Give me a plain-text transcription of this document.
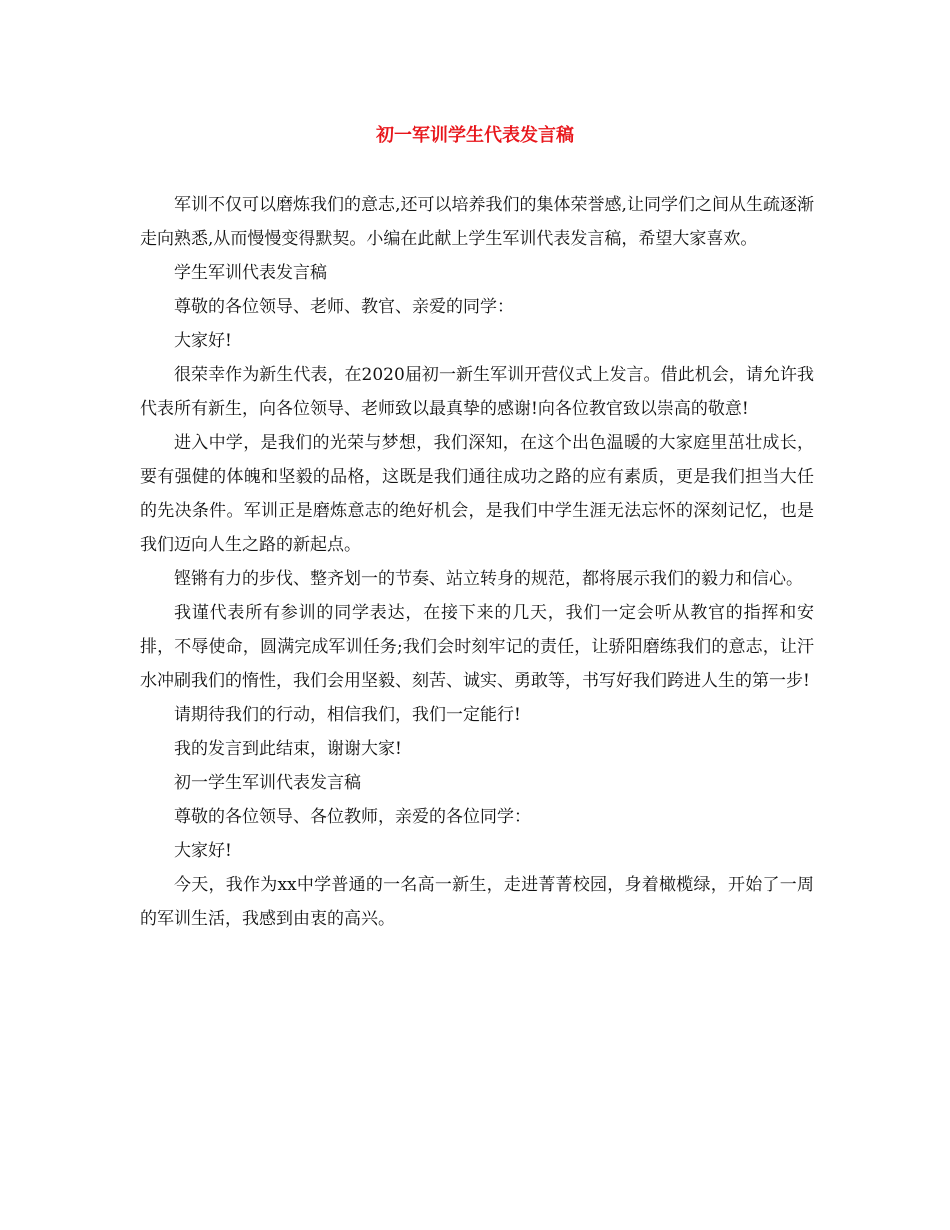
初一军训学生代表发言稿

军训不仅可以磨炼我们的意志,还可以培养我们的集体荣誉感,让同学们之间从生疏逐渐走向熟悉,从而慢慢变得默契。小编在此献上学生军训代表发言稿，希望大家喜欢。

学生军训代表发言稿

尊敬的各位领导、老师、教官、亲爱的同学：

大家好!

很荣幸作为新生代表，在2020届初一新生军训开营仪式上发言。借此机会，请允许我代表所有新生，向各位领导、老师致以最真挚的感谢!向各位教官致以崇高的敬意!

进入中学，是我们的光荣与梦想，我们深知，在这个出色温暖的大家庭里茁壮成长，要有强健的体魄和坚毅的品格，这既是我们通往成功之路的应有素质，更是我们担当大任的先决条件。军训正是磨炼意志的绝好机会，是我们中学生涯无法忘怀的深刻记忆，也是我们迈向人生之路的新起点。

铿锵有力的步伐、整齐划一的节奏、站立转身的规范，都将展示我们的毅力和信心。

我谨代表所有参训的同学表达，在接下来的几天，我们一定会听从教官的指挥和安排，不辱使命，圆满完成军训任务;我们会时刻牢记的责任，让骄阳磨练我们的意志，让汗水冲刷我们的惰性，我们会用坚毅、刻苦、诚实、勇敢等，书写好我们跨进人生的第一步!

请期待我们的行动，相信我们，我们一定能行!

我的发言到此结束，谢谢大家!

初一学生军训代表发言稿

尊敬的各位领导、各位教师，亲爱的各位同学：

大家好!

今天，我作为xx中学普通的一名高一新生，走进菁菁校园，身着橄榄绿，开始了一周的军训生活，我感到由衷的高兴。
